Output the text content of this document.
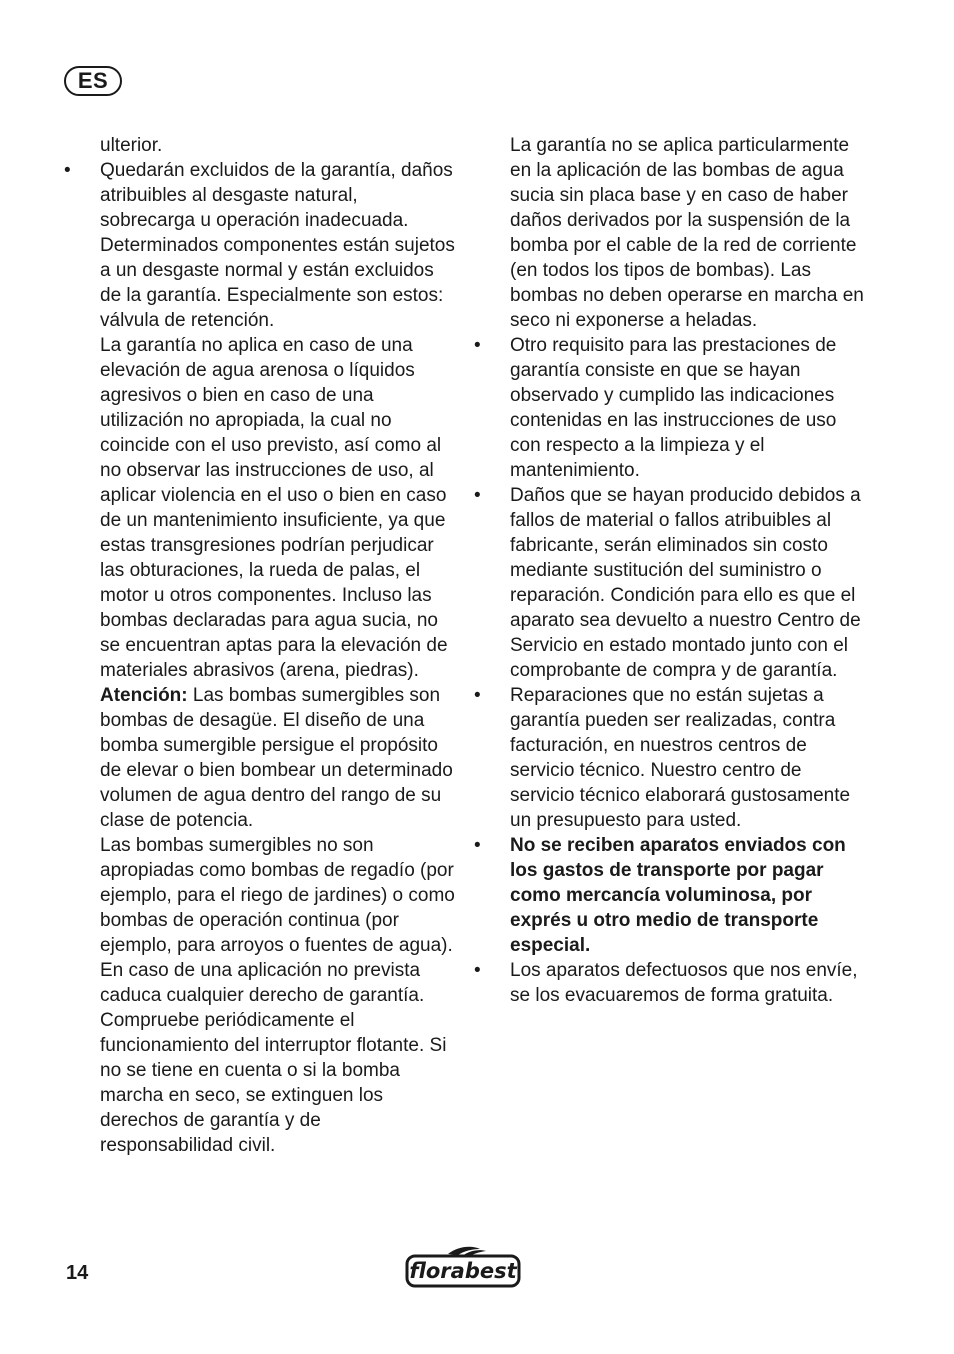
ES

ulterior.

• Quedarán excluidos de la garantía, daños atribuibles al desgaste natural, sobrecarga u operación inadecuada. Determinados componentes están sujetos a un desgaste normal y están excluidos de la garantía. Especialmente son estos: válvula de retención.

La garantía no aplica en caso de una elevación de agua arenosa o líquidos agresivos o bien en caso de una utilización no apropiada, la cual no coincide con el uso previsto, así como al no observar las instrucciones de uso, al aplicar violencia en el uso o bien en caso de un mantenimiento insuficiente, ya que estas transgresiones podrían perjudicar las obturaciones, la rueda de palas, el motor u otros componentes. Incluso las bombas declaradas para agua sucia, no se encuentran aptas para la elevación de materiales abrasivos (arena, piedras).

Atención: Las bombas sumergibles son bombas de desagüe. El diseño de una bomba sumergible persigue el propósito de elevar o bien bombear un determinado volumen de agua dentro del rango de su clase de potencia.

Las bombas sumergibles no son apropiadas como bombas de regadío (por ejemplo, para el riego de jardines) o como bombas de operación continua (por ejemplo, para arroyos o fuentes de agua). En caso de una aplicación no prevista caduca cualquier derecho de garantía.

Compruebe periódicamente el funcionamiento del interruptor flotante. Si no se tiene en cuenta o si la bomba marcha en seco, se extinguen los derechos de garantía y de responsabilidad civil.

La garantía no se aplica particularmente en la aplicación de las bombas de agua sucia sin placa base y en caso de haber daños derivados por la suspensión de la bomba por el cable de la red de corriente (en todos los tipos de bombas). Las bombas no deben operarse en marcha en seco ni exponerse a heladas.

• Otro requisito para las prestaciones de garantía consiste en que se hayan observado y cumplido las indicaciones contenidas en las instrucciones de uso con respecto a la limpieza y el mantenimiento.
• Daños que se hayan producido debidos a fallos de material o fallos atribuibles al fabricante, serán eliminados sin costo mediante sustitución del suministro o reparación. Condición para ello es que el aparato sea devuelto a nuestro Centro de Servicio en estado montado junto con el comprobante de compra y de garantía.
• Reparaciones que no están sujetas a garantía pueden ser realizadas, contra facturación, en nuestros centros de servicio técnico. Nuestro centro de servicio técnico elaborará gustosamente un presupuesto para usted.
• No se reciben aparatos enviados con los gastos de transporte por pagar como mercancía voluminosa, por exprés u otro medio de transporte especial.
• Los aparatos defectuosos que nos envíe, se los evacuaremos de forma gratuita.
14	florabest
